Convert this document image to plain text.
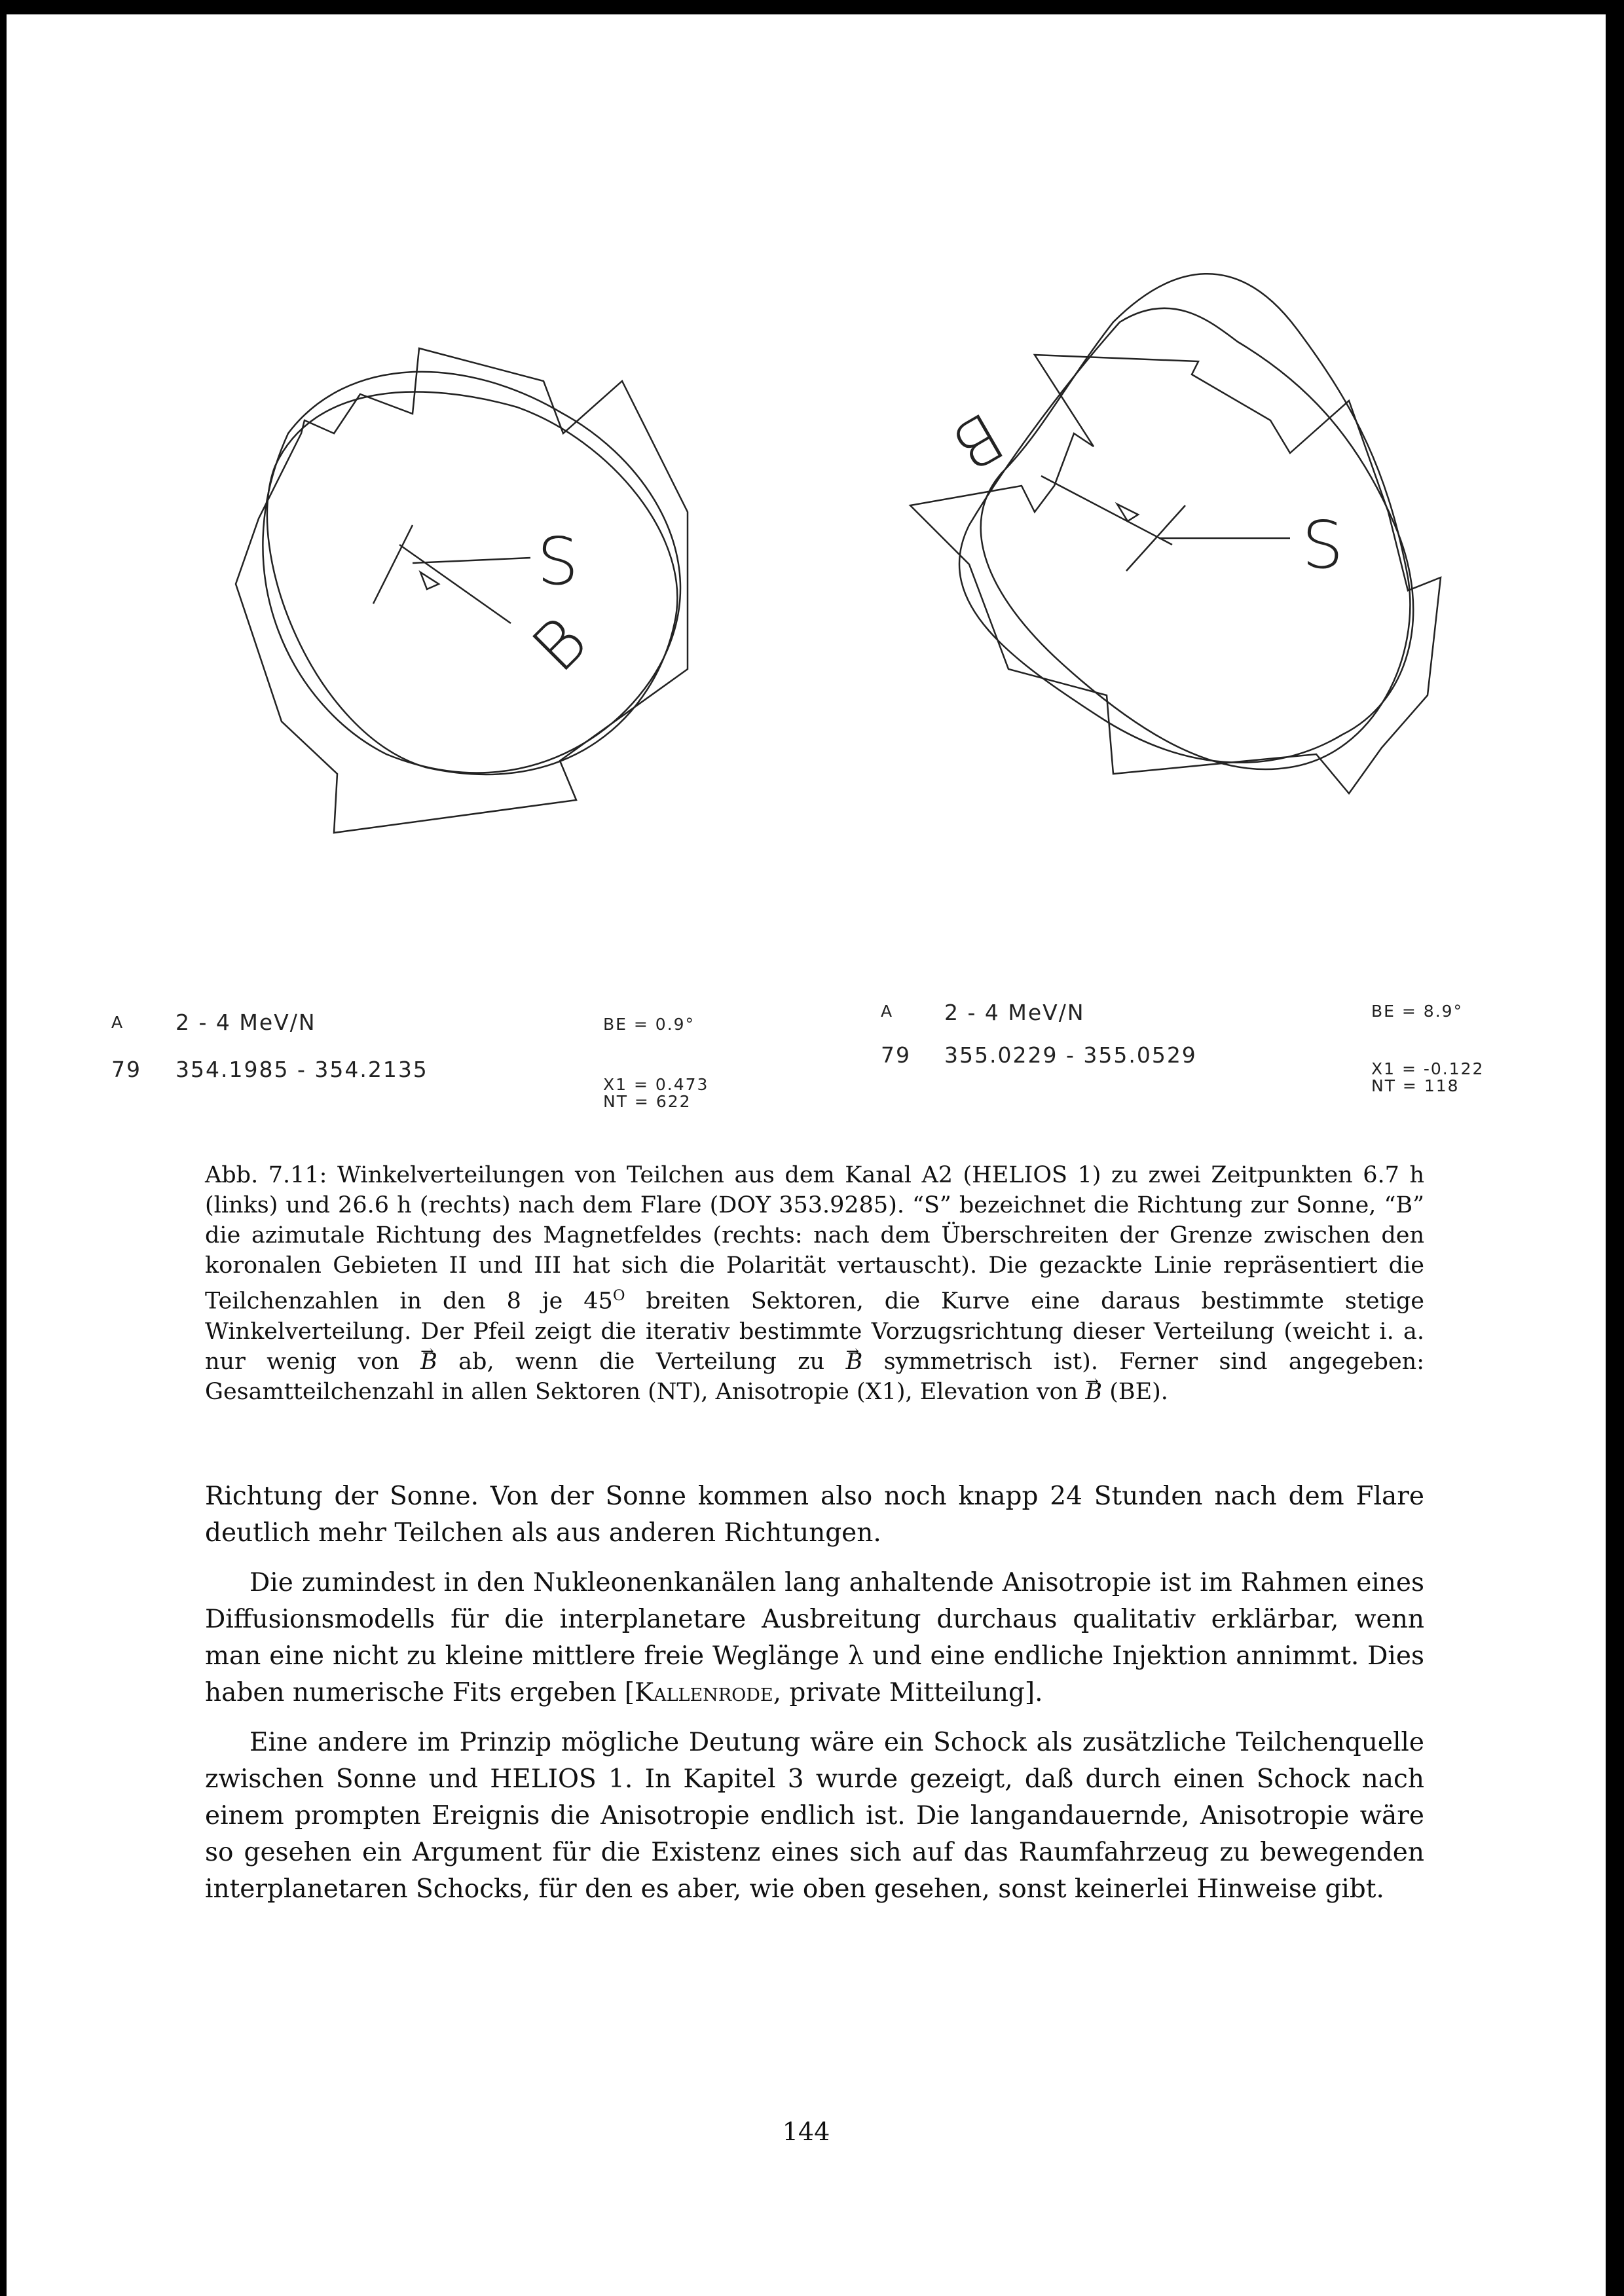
S
B
S
B
A 2 - 4 MeV/N
79 354.1985 - 354.2135
BE = 0.9°
X1 = 0.473
NT = 622
A 2 - 4 MeV/N
79 355.0229 - 355.0529
BE = 8.9°
X1 = -0.122
NT = 118
Abb. 7.11: Winkelverteilungen von Teilchen aus dem Kanal A2 (HELIOS 1) zu zwei Zeitpunkten 6.7 h (links) und 26.6 h (rechts) nach dem Flare (DOY 353.9285). “S” bezeichnet die Richtung zur Sonne, “B” die azimutale Richtung des Magnetfeldes (rechts: nach dem Überschreiten der Grenze zwischen den koronalen Gebieten II und III hat sich die Polarität vertauscht). Die gezackte Linie repräsentiert die Teilchenzahlen in den 8 je $45^O$ breiten Sektoren, die Kurve eine daraus bestimmte stetige Winkelverteilung. Der Pfeil zeigt die iterativ bestimmte Vorzugsrichtung dieser Verteilung (weicht i. a. nur wenig von → B ab, wenn die Verteilung zu → B symmetrisch ist). Ferner sind angegeben: Gesamtteilchenzahl in allen Sektoren (NT), Anisotropie (X1), Elevation von → B (BE).

Richtung der Sonne. Von der Sonne kommen also noch knapp 24 Stunden nach dem Flare deutlich mehr Teilchen als aus anderen Richtungen.

Die zumindest in den Nukleonenkanälen lang anhaltende Anisotropie ist im Rahmen eines Diffusionsmodells für die interplanetare Ausbreitung durchaus qualitativ erklärbar, wenn man eine nicht zu kleine mittlere freie Weglänge λ und eine endliche Injektion annimmt. Dies haben numerische Fits ergeben [Kallenrode, private Mitteilung].

Eine andere im Prinzip mögliche Deutung wäre ein Schock als zusätzliche Teilchenquelle zwischen Sonne und HELIOS 1. In Kapitel 3 wurde gezeigt, daß durch einen Schock nach einem prompten Ereignis die Anisotropie endlich ist. Die langandauernde, Anisotropie wäre so gesehen ein Argument für die Existenz eines sich auf das Raumfahrzeug zu bewegenden interplanetaren Schocks, für den es aber, wie oben gesehen, sonst keinerlei Hinweise gibt.

144
